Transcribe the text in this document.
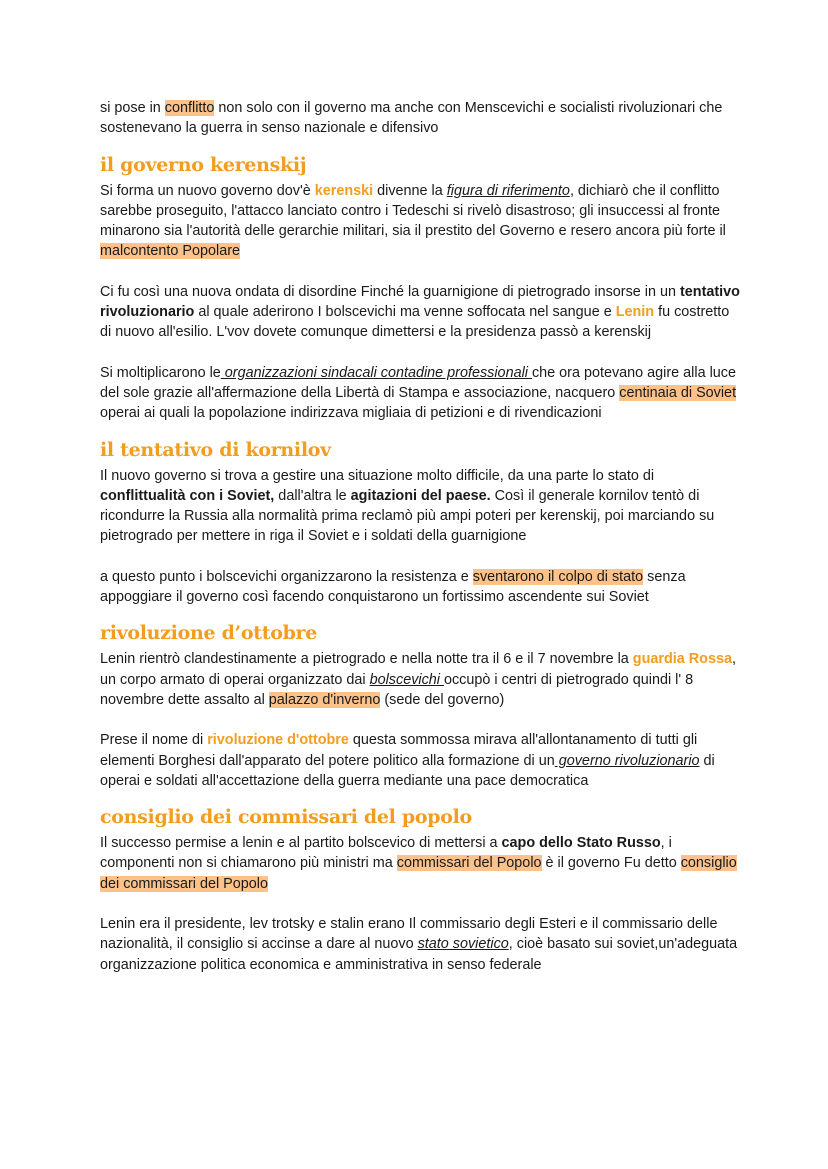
si pose in conflitto non solo con il governo ma anche con Menscevichi e socialisti rivoluzionari che sostenevano la guerra in senso nazionale e difensivo

il governo kerenskij

Si forma un nuovo governo dov'è kerenski divenne la figura di riferimento, dichiarò che il conflitto sarebbe proseguito, l'attacco lanciato contro i Tedeschi si rivelò disastroso; gli insuccessi al fronte minarono sia l'autorità delle gerarchie militari, sia il prestito del Governo e resero ancora più forte il malcontento Popolare

Ci fu così una nuova ondata di disordine Finché la guarnigione di pietrogrado insorse in un tentativo rivoluzionario al quale aderirono I bolscevichi ma venne soffocata nel sangue e Lenin fu costretto di nuovo all'esilio. L'vov dovete comunque dimettersi e la presidenza passò a kerenskij

Si moltiplicarono le organizzazioni sindacali contadine professionali che ora potevano agire alla luce del sole grazie all'affermazione della Libertà di Stampa e associazione, nacquero centinaia di Soviet operai ai quali la popolazione indirizzava migliaia di petizioni e di rivendicazioni

il tentativo di kornilov

Il nuovo governo si trova a gestire una situazione molto difficile, da una parte lo stato di conflittualità con i Soviet, dall'altra le agitazioni del paese. Così il generale kornilov tentò di ricondurre la Russia alla normalità prima reclamò più ampi poteri per kerenskij, poi marciando su pietrogrado per mettere in riga il Soviet e i soldati della guarnigione

a questo punto i bolscevichi organizzarono la resistenza e sventarono il colpo di stato senza appoggiare il governo così facendo conquistarono un fortissimo ascendente sui Soviet

rivoluzione d’ottobre

Lenin rientrò clandestinamente a pietrogrado e nella notte tra il 6 e il 7 novembre la guardia Rossa, un corpo armato di operai organizzato dai bolscevichi occupò i centri di pietrogrado quindi l' 8 novembre dette assalto al palazzo d'inverno (sede del governo)

Prese il nome di rivoluzione d'ottobre questa sommossa mirava all'allontanamento di tutti gli elementi Borghesi dall'apparato del potere politico alla formazione di un governo rivoluzionario di operai e soldati all'accettazione della guerra mediante una pace democratica

consiglio dei commissari del popolo

Il successo permise a lenin e al partito bolscevico di mettersi a capo dello Stato Russo, i componenti non si chiamarono più ministri ma commissari del Popolo è il governo Fu detto consiglio dei commissari del Popolo

Lenin era il presidente, lev trotsky e stalin erano Il commissario degli Esteri e il commissario delle nazionalità, il consiglio si accinse a dare al nuovo stato sovietico, cioè basato sui soviet,un'adeguata organizzazione politica economica e amministrativa in senso federale
